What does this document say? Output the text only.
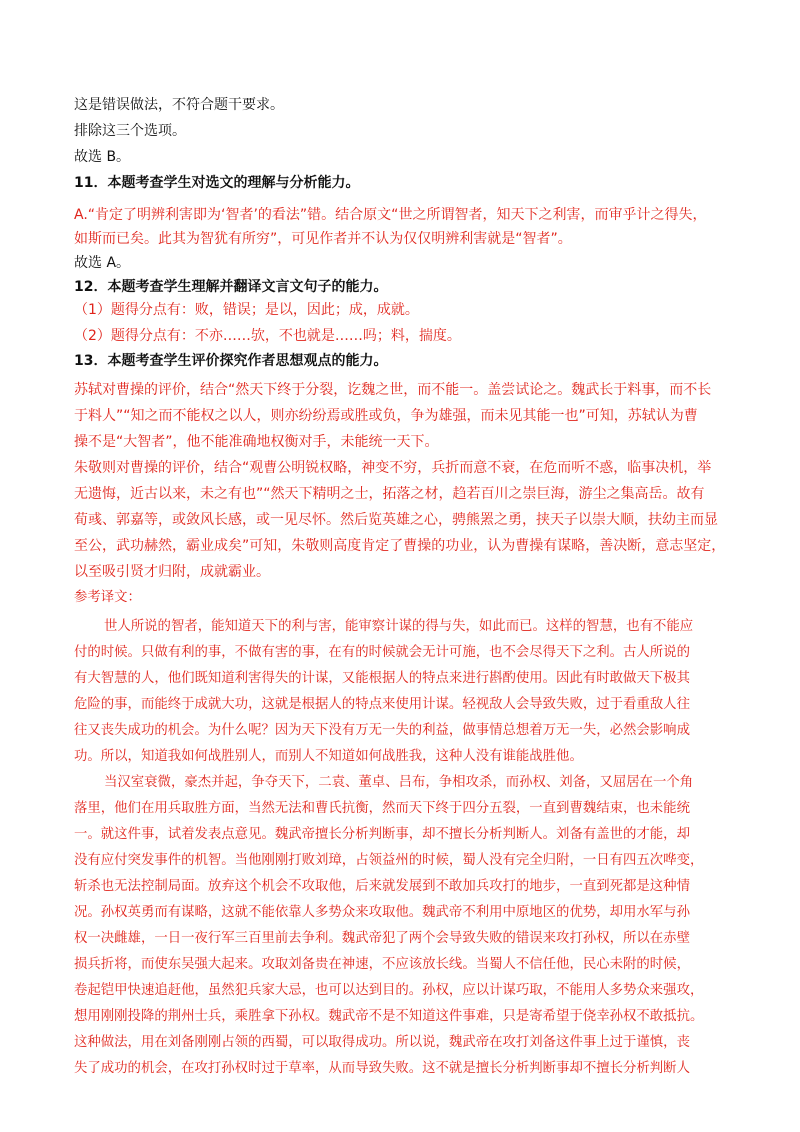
这是错误做法，不符合题干要求。
排除这三个选项。
故选 B。
11．本题考查学生对选文的理解与分析能力。
A.“肯定了明辨利害即为‘智者’的看法”错。结合原文“世之所谓智者，知天下之利害，而审乎计之得失，
如斯而已矣。此其为智犹有所穷”，可见作者并不认为仅仅明辨利害就是“智者”。
故选 A。
12．本题考查学生理解并翻译文言文句子的能力。
（1）题得分点有：败，错误；是以，因此；成，成就。
（2）题得分点有：不亦……欤，不也就是……吗；料，揣度。
13．本题考查学生评价探究作者思想观点的能力。
苏轼对曹操的评价，结合“然天下终于分裂，讫魏之世，而不能一。盖尝试论之。魏武长于料事，而不长
于料人”“知之而不能权之以人，则亦纷纷焉或胜或负，争为雄强，而未见其能一也”可知，苏轼认为曹
操不是“大智者”，他不能准确地权衡对手，未能统一天下。
朱敬则对曹操的评价，结合“观曹公明锐权略，神变不穷，兵折而意不衰，在危而听不惑，临事决机，举
无遗悔，近古以来，未之有也”“然天下精明之士，拓落之材，趋若百川之崇巨海，游尘之集高岳。故有
荀彧、郭嘉等，或敛风长感，或一见尽怀。然后览英雄之心，骋熊罴之勇，挟天子以崇大顺，扶幼主而显
至公，武功赫然，霸业成矣”可知，朱敬则高度肯定了曹操的功业，认为曹操有谋略，善决断，意志坚定，
以至吸引贤才归附，成就霸业。
参考译文：
世人所说的智者，能知道天下的利与害，能审察计谋的得与失，如此而已。这样的智慧，也有不能应
付的时候。只做有利的事，不做有害的事，在有的时候就会无计可施，也不会尽得天下之利。古人所说的
有大智慧的人，他们既知道利害得失的计谋，又能根据人的特点来进行斟酌使用。因此有时敢做天下极其
危险的事，而能终于成就大功，这就是根据人的特点来使用计谋。轻视敌人会导致失败，过于看重敌人往
往又丧失成功的机会。为什么呢？因为天下没有万无一失的利益，做事情总想着万无一失，必然会影响成
功。所以，知道我如何战胜别人，而别人不知道如何战胜我，这种人没有谁能战胜他。
当汉室衰微，豪杰并起，争夺天下，二袁、董卓、吕布，争相攻杀，而孙权、刘备，又屈居在一个角
落里，他们在用兵取胜方面，当然无法和曹氏抗衡，然而天下终于四分五裂，一直到曹魏结束，也未能统
一。就这件事，试着发表点意见。魏武帝擅长分析判断事，却不擅长分析判断人。刘备有盖世的才能，却
没有应付突发事件的机智。当他刚刚打败刘璋，占领益州的时候，蜀人没有完全归附，一日有四五次哗变，
斩杀也无法控制局面。放弃这个机会不攻取他，后来就发展到不敢加兵攻打的地步，一直到死都是这种情
况。孙权英勇而有谋略，这就不能依靠人多势众来攻取他。魏武帝不利用中原地区的优势，却用水军与孙
权一决雌雄，一日一夜行军三百里前去争利。魏武帝犯了两个会导致失败的错误来攻打孙权，所以在赤壁
损兵折将，而使东吴强大起来。攻取刘备贵在神速，不应该放长线。当蜀人不信任他，民心未附的时候，
卷起铠甲快速追赶他，虽然犯兵家大忌，也可以达到目的。孙权，应以计谋巧取，不能用人多势众来强攻，
想用刚刚投降的荆州士兵，乘胜拿下孙权。魏武帝不是不知道这件事难，只是寄希望于侥幸孙权不敢抵抗。
这种做法，用在刘备刚刚占领的西蜀，可以取得成功。所以说，魏武帝在攻打刘备这件事上过于谨慎，丧
失了成功的机会，在攻打孙权时过于草率，从而导致失败。这不就是擅长分析判断事却不擅长分析判断人
